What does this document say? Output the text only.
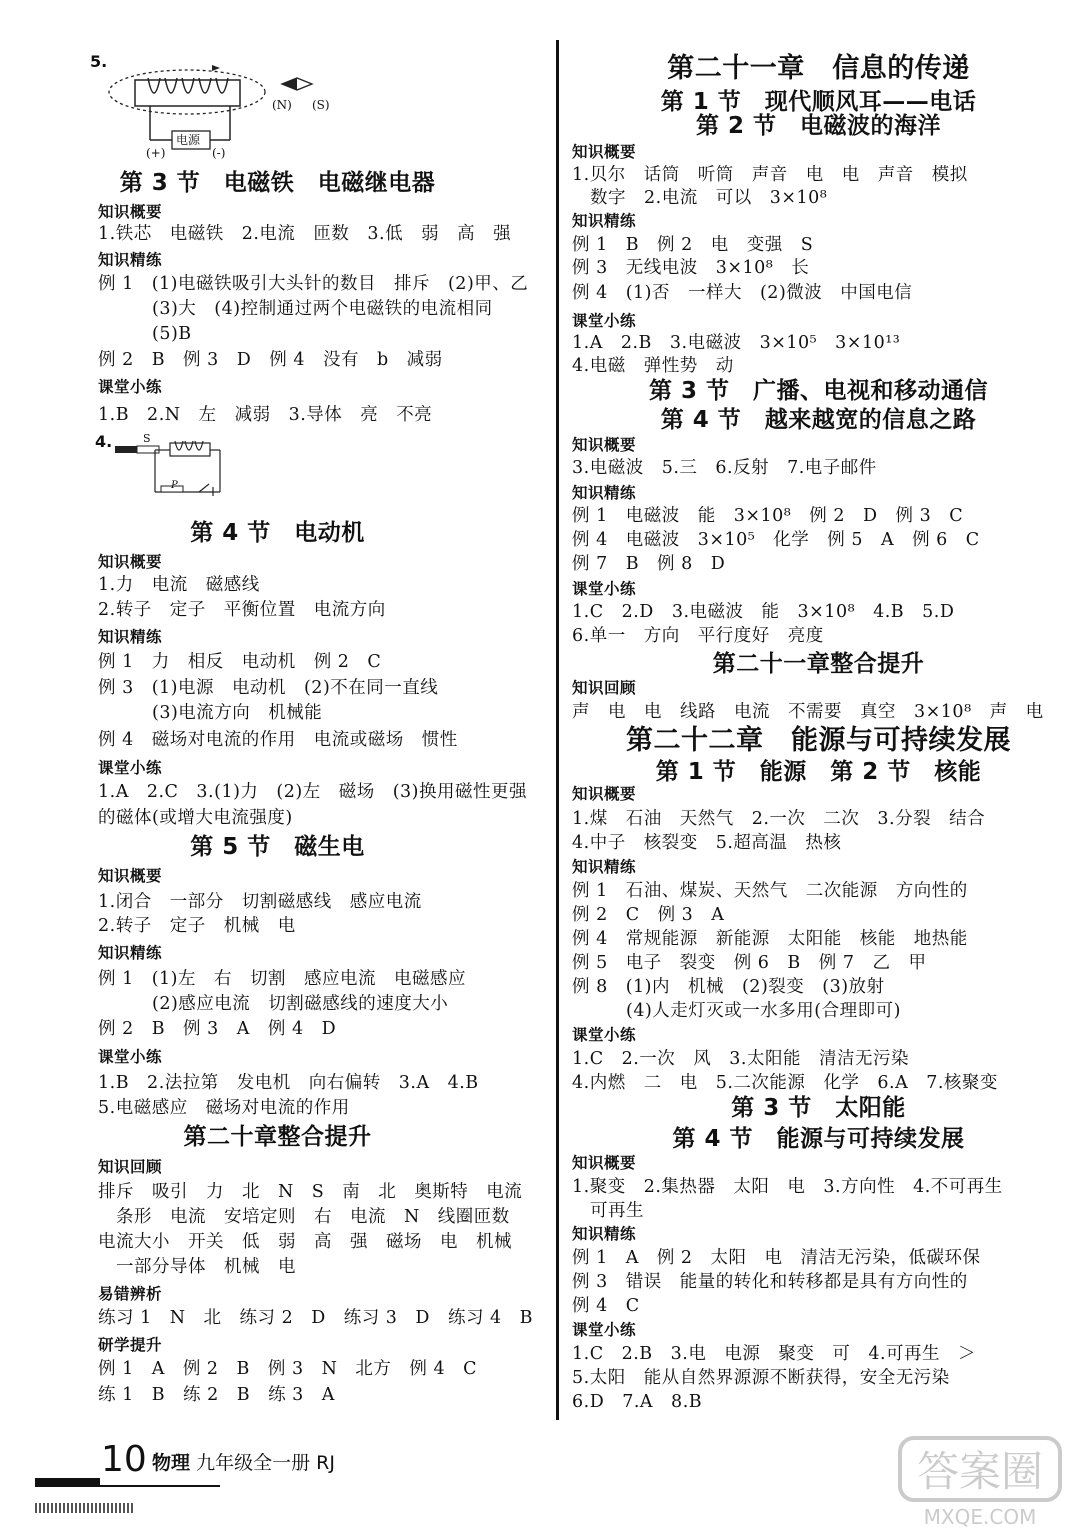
第 3 节　电磁铁　电磁继电器
知识概要
1.铁芯　电磁铁　2.电流　匝数　3.低　弱　高　强
知识精练
例 1　(1)电磁铁吸引大头针的数目　排斥　(2)甲、乙
　　　(3)大　(4)控制通过两个电磁铁的电流相同
　　　(5)B
例 2　B　例 3　D　例 4　没有　b　减弱
课堂小练
1.B　2.N　左　减弱　3.导体　亮　不亮
第 4 节　电动机
知识概要
1.力　电流　磁感线
2.转子　定子　平衡位置　电流方向
知识精练
例 1　力　相反　电动机　例 2　C
例 3　(1)电源　电动机　(2)不在同一直线
　　　(3)电流方向　机械能
例 4　磁场对电流的作用　电流或磁场　惯性
课堂小练
1.A　2.C　3.(1)力　(2)左　磁场　(3)换用磁性更强
的磁体(或增大电流强度)
第 5 节　磁生电
知识概要
1.闭合　一部分　切割磁感线　感应电流
2.转子　定子　机械　电
知识精练
例 1　(1)左　右　切割　感应电流　电磁感应
　　　(2)感应电流　切割磁感线的速度大小
例 2　B　例 3　A　例 4　D
课堂小练
1.B　2.法拉第　发电机　向右偏转　3.A　4.B
5.电磁感应　磁场对电流的作用
第二十章整合提升
知识回顾
排斥　吸引　力　北　N　S　南　北　奥斯特　电流
　条形　电流　安培定则　右　电流　N　线圈匝数
电流大小　开关　低　弱　高　强　磁场　电　机械
　一部分导体　机械　电
易错辨析
练习 1　N　北　练习 2　D　练习 3　D　练习 4　B
研学提升
例 1　A　例 2　B　例 3　N　北方　例 4　C
练 1　B　练 2　B　练 3　A
第二十一章　信息的传递
第 1 节　现代顺风耳——电话
第 2 节　电磁波的海洋
知识概要
1.贝尔　话筒　听筒　声音　电　电　声音　模拟
　数字　2.电流　可以　3×10⁸
知识精练
例 1　B　例 2　电　变强　S
例 3　无线电波　3×10⁸　长
例 4　(1)否　一样大　(2)微波　中国电信
课堂小练
1.A　2.B　3.电磁波　3×10⁵　3×10¹³
4.电磁　弹性势　动
第 3 节　广播、电视和移动通信
第 4 节　越来越宽的信息之路
知识概要
3.电磁波　5.三　6.反射　7.电子邮件
知识精练
例 1　电磁波　能　3×10⁸　例 2　D　例 3　C
例 4　电磁波　3×10⁵　化学　例 5　A　例 6　C
例 7　B　例 8　D
课堂小练
1.C　2.D　3.电磁波　能　3×10⁸　4.B　5.D
6.单一　方向　平行度好　亮度
第二十一章整合提升
知识回顾
声　电　电　线路　电流　不需要　真空　3×10⁸　声　电
第二十二章　能源与可持续发展
第 1 节　能源　第 2 节　核能
知识概要
1.煤　石油　天然气　2.一次　二次　3.分裂　结合
4.中子　核裂变　5.超高温　热核
知识精练
例 1　石油、煤炭、天然气　二次能源　方向性的
例 2　C　例 3　A
例 4　常规能源　新能源　太阳能　核能　地热能
例 5　电子　裂变　例 6　B　例 7　乙　甲
例 8　(1)内　机械　(2)裂变　(3)放射
　　　(4)人走灯灭或一水多用(合理即可)
课堂小练
1.C　2.一次　风　3.太阳能　清洁无污染
4.内燃　二　电　5.二次能源　化学　6.A　7.核聚变
第 3 节　太阳能
第 4 节　能源与可持续发展
知识概要
1.聚变　2.集热器　太阳　电　3.方向性　4.不可再生
　可再生
知识精练
例 1　A　例 2　太阳　电　清洁无污染，低碳环保
例 3　错误　能量的转化和转移都是具有方向性的
例 4　C
课堂小练
1.C　2.B　3.电　电源　聚变　可　4.可再生　＞
5.太阳　能从自然界源源不断获得，安全无污染
6.D　7.A　8.B
5.
电源
(N) (S)
(+)	(-)
4.	S
P
10 物理 九年级全一册 RJ	答案圈
MXQE.COM
